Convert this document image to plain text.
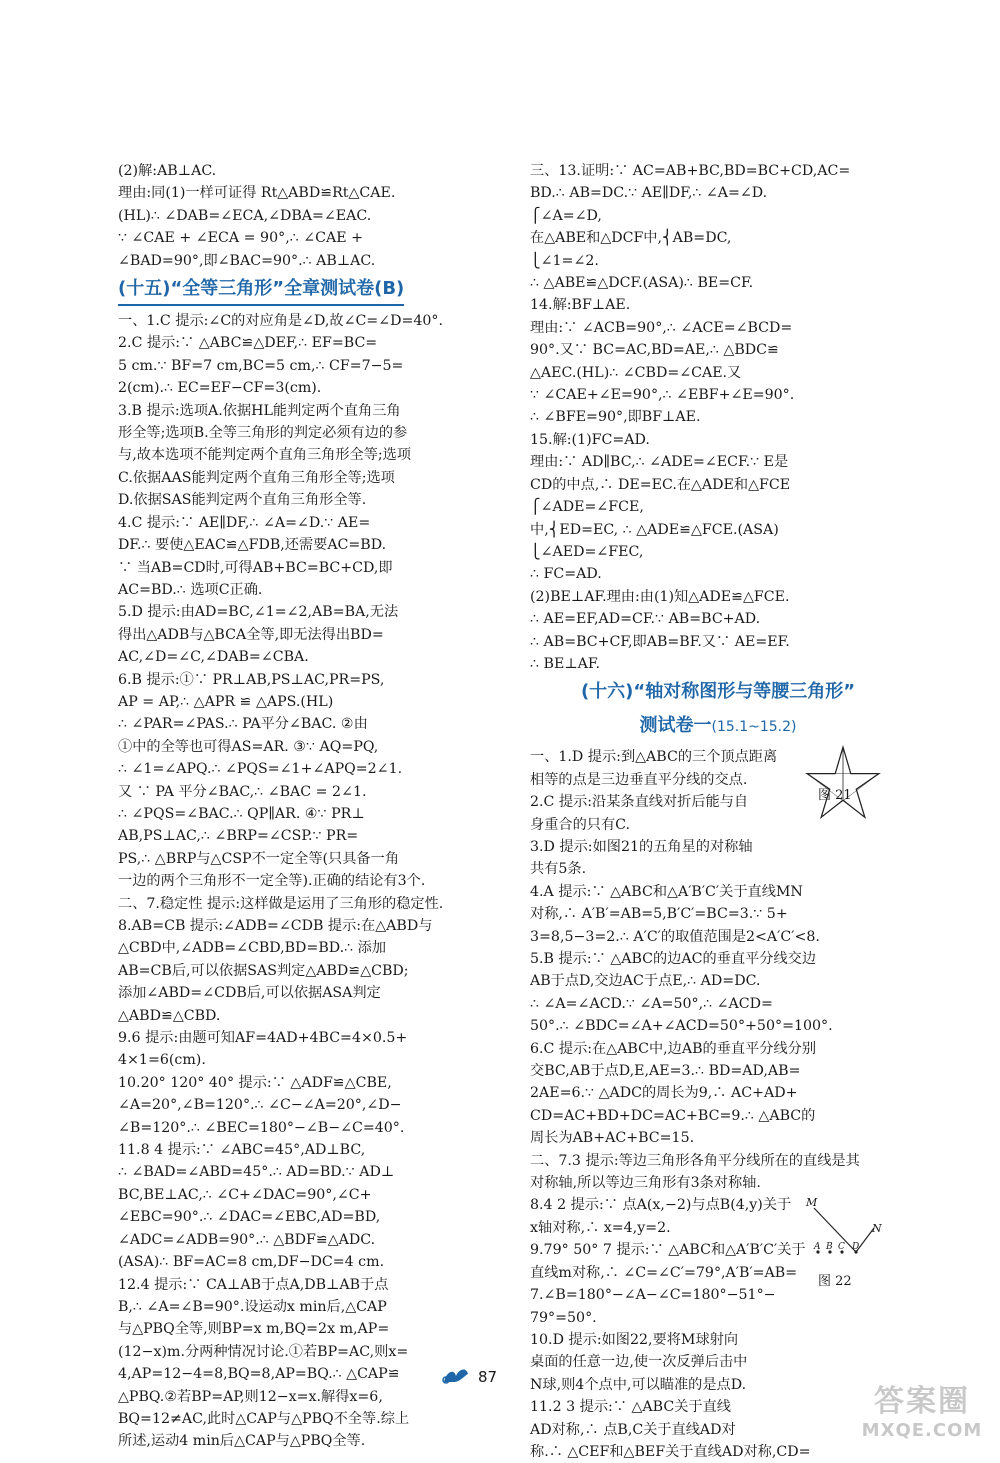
(2)解:AB⊥AC.
理由:同(1)一样可证得 Rt△ABD≌Rt△CAE.
(HL)∴ ∠DAB=∠ECA,∠DBA=∠EAC.
∵ ∠CAE + ∠ECA = 90°,∴ ∠CAE +
∠BAD=90°,即∠BAC=90°.∴ AB⊥AC.
(十五)“全等三角形”全章测试卷(B)
一、1.C 提示:∠C的对应角是∠D,故∠C=∠D=40°.
2.C 提示:∵ △ABC≌△DEF,∴ EF=BC=
5 cm.∵ BF=7 cm,BC=5 cm,∴ CF=7−5=
2(cm).∴ EC=EF−CF=3(cm).
3.B 提示:选项A.依据HL能判定两个直角三角
形全等;选项B.全等三角形的判定必须有边的参
与,故本选项不能判定两个直角三角形全等;选项
C.依据AAS能判定两个直角三角形全等;选项
D.依据SAS能判定两个直角三角形全等.
4.C 提示:∵ AE∥DF,∴ ∠A=∠D.∵ AE=
DF.∴ 要使△EAC≌△FDB,还需要AC=BD.
∵ 当AB=CD时,可得AB+BC=BC+CD,即
AC=BD.∴ 选项C正确.
5.D 提示:由AD=BC,∠1=∠2,AB=BA,无法
得出△ADB与△BCA全等,即无法得出BD=
AC,∠D=∠C,∠DAB=∠CBA.
6.B 提示:①∵ PR⊥AB,PS⊥AC,PR=PS,
AP = AP,∴ △APR ≌ △APS.(HL)
∴ ∠PAR=∠PAS.∴ PA平分∠BAC. ②由
①中的全等也可得AS=AR. ③∵ AQ=PQ,
∴ ∠1=∠APQ.∴ ∠PQS=∠1+∠APQ=2∠1.
又 ∵ PA 平分∠BAC,∴ ∠BAC = 2∠1.
∴ ∠PQS=∠BAC.∴ QP∥AR. ④∵ PR⊥
AB,PS⊥AC,∴ ∠BRP=∠CSP.∵ PR=
PS,∴ △BRP与△CSP不一定全等(只具备一角
一边的两个三角形不一定全等).正确的结论有3个.
二、7.稳定性 提示:这样做是运用了三角形的稳定性.
8.AB=CB 提示:∠ADB=∠CDB 提示:在△ABD与
△CBD中,∠ADB=∠CBD,BD=BD.∴ 添加
AB=CB后,可以依据SAS判定△ABD≌△CBD;
添加∠ABD=∠CDB后,可以依据ASA判定
△ABD≌△CBD.
9.6 提示:由题可知AF=4AD+4BC=4×0.5+
4×1=6(cm).
10.20° 120° 40° 提示:∵ △ADF≌△CBE,
∠A=20°,∠B=120°.∴ ∠C−∠A=20°,∠D−
∠B=120°.∴ ∠BEC=180°−∠B−∠C=40°.
11.8 4 提示:∵ ∠ABC=45°,AD⊥BC,
∴ ∠BAD=∠ABD=45°.∴ AD=BD.∵ AD⊥
BC,BE⊥AC,∴ ∠C+∠DAC=90°,∠C+
∠EBC=90°.∴ ∠DAC=∠EBC,AD=BD,
∠ADC=∠ADB=90°.∴ △BDF≌△ADC.
(ASA)∴ BF=AC=8 cm,DF−DC=4 cm.
12.4 提示:∵ CA⊥AB于点A,DB⊥AB于点
B,∴ ∠A=∠B=90°.设运动x min后,△CAP
与△PBQ全等,则BP=x m,BQ=2x m,AP=
(12−x)m.分两种情况讨论.①若BP=AC,则x=
4,AP=12−4=8,BQ=8,AP=BQ.∴ △CAP≌
△PBQ.②若BP=AP,则12−x=x.解得x=6,
BQ=12≠AC,此时△CAP与△PBQ不全等.综上
所述,运动4 min后△CAP与△PBQ全等.
三、13.证明:∵ AC=AB+BC,BD=BC+CD,AC=
BD.∴ AB=DC.∵ AE∥DF,∴ ∠A=∠D.
⎧∠A=∠D,
在△ABE和△DCF中,⎨AB=DC,
⎩∠1=∠2.
∴ △ABE≌△DCF.(ASA)∴ BE=CF.
14.解:BF⊥AE.
理由:∵ ∠ACB=90°,∴ ∠ACE=∠BCD=
90°.又∵ BC=AC,BD=AE,∴ △BDC≌
△AEC.(HL)∴ ∠CBD=∠CAE.又
∵ ∠CAE+∠E=90°,∴ ∠EBF+∠E=90°.
∴ ∠BFE=90°,即BF⊥AE.
15.解:(1)FC=AD.
理由:∵ AD∥BC,∴ ∠ADE=∠ECF.∵ E是
CD的中点,∴ DE=EC.在△ADE和△FCE
⎧∠ADE=∠FCE,
中,⎨ED=EC, ∴ △ADE≌△FCE.(ASA)
⎩∠AED=∠FEC,
∴ FC=AD.
(2)BE⊥AF.理由:由(1)知△ADE≌△FCE.
∴ AE=EF,AD=CF.∵ AB=BC+AD.
∴ AB=BC+CF,即AB=BF.又∵ AE=EF.
∴ BE⊥AF.
(十六)“轴对称图形与等腰三角形”
测试卷一(15.1~15.2)
一、1.D 提示:到△ABC的三个顶点距离
相等的点是三边垂直平分线的交点.
2.C 提示:沿某条直线对折后能与自
身重合的只有C.
3.D 提示:如图21的五角星的对称轴
共有5条.
4.A 提示:∵ △ABC和△A′B′C′关于直线MN
对称,∴ A′B′=AB=5,B′C′=BC=3.∵ 5+
3=8,5−3=2.∴ A′C′的取值范围是2<A′C′<8.
5.B 提示:∵ △ABC的边AC的垂直平分线交边
AB于点D,交边AC于点E,∴ AD=DC.
∴ ∠A=∠ACD.∵ ∠A=50°,∴ ∠ACD=
50°.∴ ∠BDC=∠A+∠ACD=50°+50°=100°.
6.C 提示:在△ABC中,边AB的垂直平分线分别
交BC,AB于点D,E,AE=3.∴ BD=AD,AB=
2AE=6.∵ △ADC的周长为9,∴ AC+AD+
CD=AC+BD+DC=AC+BC=9.∴ △ABC的
周长为AB+AC+BC=15.
二、7.3 提示:等边三角形各角平分线所在的直线是其
对称轴,所以等边三角形有3条对称轴.
8.4 2 提示:∵ 点A(x,−2)与点B(4,y)关于
x轴对称,∴ x=4,y=2.
9.79° 50° 7 提示:∵ △ABC和△A′B′C′关于
直线m对称,∴ ∠C=∠C′=79°,A′B′=AB=
7.∠B=180°−∠A−∠C=180°−51°−
79°=50°.
10.D 提示:如图22,要将M球射向
桌面的任意一边,使一次反弹后击中
N球,则4个点中,可以瞄准的是点D.
11.2 3 提示:∵ △ABC关于直线
AD对称,∴ 点B,C关于直线AD对
称.∴ △CEF和△BEF关于直线AD对称,CD=
图 21
M
N
A B C D
图 22
87
答案圈
MXQE.COM
